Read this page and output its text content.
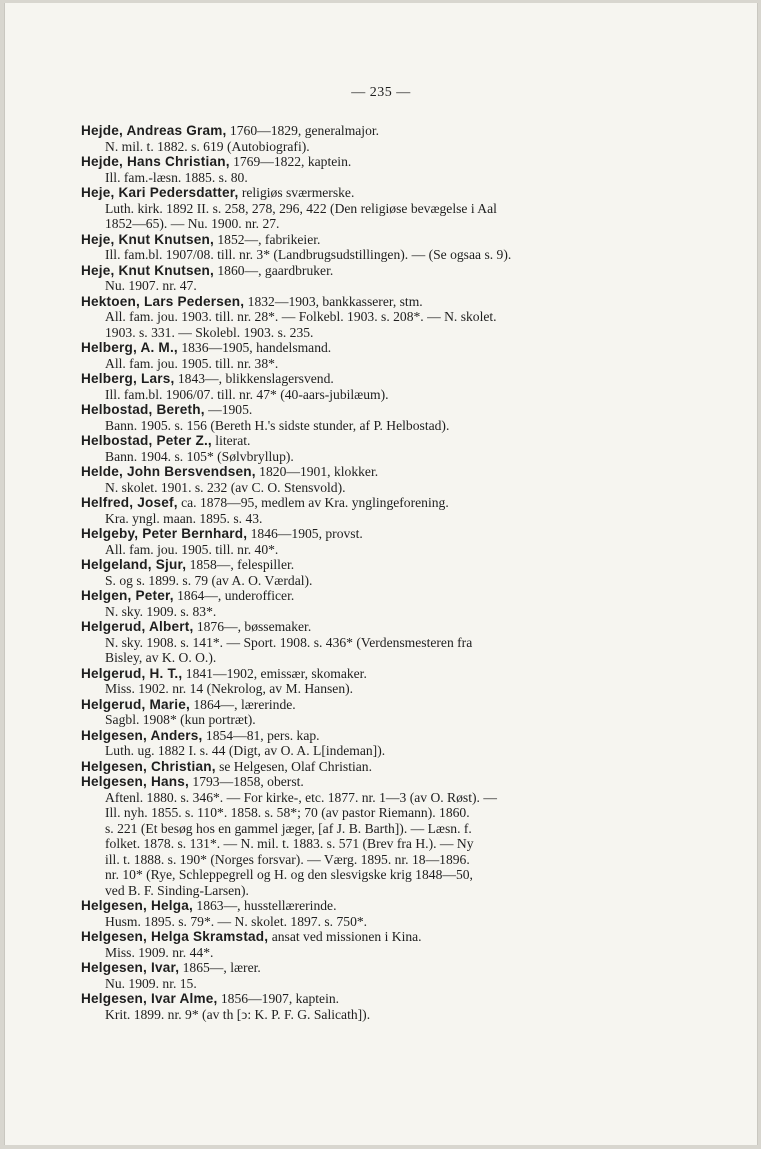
— 235 —
Hejde, Andreas Gram, 1760—1829, generalmajor.
N. mil. t. 1882. s. 619 (Autobiografi).
Hejde, Hans Christian, 1769—1822, kaptein.
Ill. fam.-læsn. 1885. s. 80.
Heje, Kari Pedersdatter, religiøs sværmerske.
Luth. kirk. 1892 II. s. 258, 278, 296, 422 (Den religiøse bevægelse i Aal
1852—65). — Nu. 1900. nr. 27.
Heje, Knut Knutsen, 1852—, fabrikeier.
Ill. fam.bl. 1907/08. till. nr. 3* (Landbrugsudstillingen). — (Se ogsaa s. 9).
Heje, Knut Knutsen, 1860—, gaardbruker.
Nu. 1907. nr. 47.
Hektoen, Lars Pedersen, 1832—1903, bankkasserer, stm.
All. fam. jou. 1903. till. nr. 28*. — Folkebl. 1903. s. 208*. — N. skolet.
1903. s. 331. — Skolebl. 1903. s. 235.
Helberg, A. M., 1836—1905, handelsmand.
All. fam. jou. 1905. till. nr. 38*.
Helberg, Lars, 1843—, blikkenslagersvend.
Ill. fam.bl. 1906/07. till. nr. 47* (40-aars-jubilæum).
Helbostad, Bereth, —1905.
Bann. 1905. s. 156 (Bereth H.'s sidste stunder, af P. Helbostad).
Helbostad, Peter Z., literat.
Bann. 1904. s. 105* (Sølvbryllup).
Helde, John Bersvendsen, 1820—1901, klokker.
N. skolet. 1901. s. 232 (av C. O. Stensvold).
Helfred, Josef, ca. 1878—95, medlem av Kra. ynglingeforening.
Kra. yngl. maan. 1895. s. 43.
Helgeby, Peter Bernhard, 1846—1905, provst.
All. fam. jou. 1905. till. nr. 40*.
Helgeland, Sjur, 1858—, felespiller.
S. og s. 1899. s. 79 (av A. O. Værdal).
Helgen, Peter, 1864—, underofficer.
N. sky. 1909. s. 83*.
Helgerud, Albert, 1876—, bøssemaker.
N. sky. 1908. s. 141*. — Sport. 1908. s. 436* (Verdensmesteren fra
Bisley, av K. O. O.).
Helgerud, H. T., 1841—1902, emissær, skomaker.
Miss. 1902. nr. 14 (Nekrolog, av M. Hansen).
Helgerud, Marie, 1864—, lærerinde.
Sagbl. 1908* (kun portræt).
Helgesen, Anders, 1854—81, pers. kap.
Luth. ug. 1882 I. s. 44 (Digt, av O. A. L[indeman]).
Helgesen, Christian, se Helgesen, Olaf Christian.
Helgesen, Hans, 1793—1858, oberst.
Aftenl. 1880. s. 346*. — For kirke-, etc. 1877. nr. 1—3 (av O. Røst). —
Ill. nyh. 1855. s. 110*. 1858. s. 58*; 70 (av pastor Riemann). 1860.
s. 221 (Et besøg hos en gammel jæger, [af J. B. Barth]). — Læsn. f.
folket. 1878. s. 131*. — N. mil. t. 1883. s. 571 (Brev fra H.). — Ny
ill. t. 1888. s. 190* (Norges forsvar). — Værg. 1895. nr. 18—1896.
nr. 10* (Rye, Schleppegrell og H. og den slesvigske krig 1848—50,
ved B. F. Sinding-Larsen).
Helgesen, Helga, 1863—, husstellærerinde.
Husm. 1895. s. 79*. — N. skolet. 1897. s. 750*.
Helgesen, Helga Skramstad, ansat ved missionen i Kina.
Miss. 1909. nr. 44*.
Helgesen, Ivar, 1865—, lærer.
Nu. 1909. nr. 15.
Helgesen, Ivar Alme, 1856—1907, kaptein.
Krit. 1899. nr. 9* (av th [ↄ: K. P. F. G. Salicath]).
